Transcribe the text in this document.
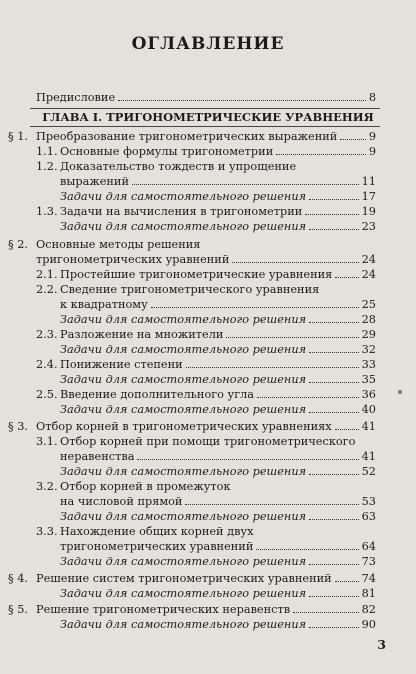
ОГЛАВЛЕНИЕ
Предисловие	8
ГЛАВА I. ТРИГОНОМЕТРИЧЕСКИЕ УРАВНЕНИЯ
§ 1. Преобразование тригонометрических выражений	9
1.1. Основные формулы тригонометрии	9
1.2. Доказательство тождеств и упрощение
выражений	11
Задачи для самостоятельного решения	17
1.3. Задачи на вычисления в тригонометрии	19
Задачи для самостоятельного решения	23
§ 2. Основные методы решения
тригонометрических уравнений	24
2.1. Простейшие тригонометрические уравнения	24
2.2. Сведение тригонометрического уравнения
к квадратному	25
Задачи для самостоятельного решения	28
2.3. Разложение на множители	29
Задачи для самостоятельного решения	32
2.4. Понижение степени	33
Задачи для самостоятельного решения	35
2.5. Введение дополнительного угла	36
Задачи для самостоятельного решения	40
§ 3. Отбор корней в тригонометрических уравнениях	41
3.1. Отбор корней при помощи тригонометрического
неравенства	41
Задачи для самостоятельного решения	52
3.2. Отбор корней в промежуток
на числовой прямой	53
Задачи для самостоятельного решения	63
3.3. Нахождение общих корней двух
тригонометрических уравнений	64
Задачи для самостоятельного решения	73
§ 4. Решение систем тригонометрических уравнений	74
Задачи для самостоятельного решения	81
§ 5. Решение тригонометрических неравенств	82
Задачи для самостоятельного решения	90
3
